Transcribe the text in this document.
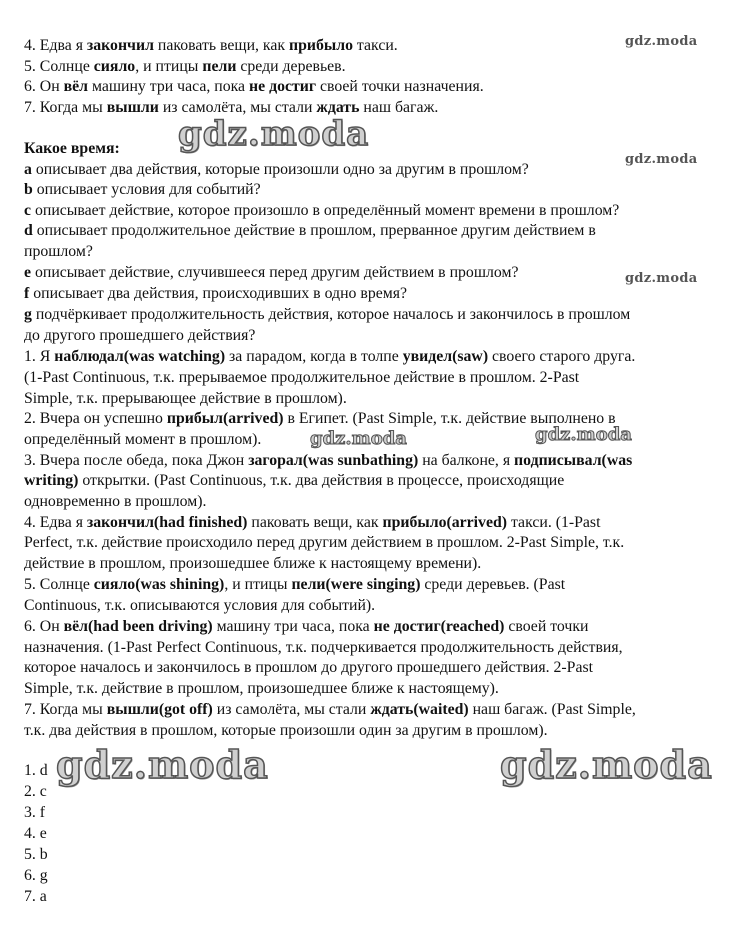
4. Едва я закончил паковать вещи, как прибыло такси.
5. Солнце сияло, и птицы пели среди деревьев.
6. Он вёл машину три часа, пока не достиг своей точки назначения.
7. Когда мы вышли из самолёта, мы стали ждать наш багаж.
Какое время:
a описывает два действия, которые произошли одно за другим в прошлом?
b описывает условия для событий?
c описывает действие, которое произошло в определённый момент времени в прошлом?
d описывает продолжительное действие в прошлом, прерванное другим действием в
прошлом?
e описывает действие, случившееся перед другим действием в прошлом?
f описывает два действия, происходивших в одно время?
g подчёркивает продолжительность действия, которое началось и закончилось в прошлом
до другого прошедшего действия?
1. Я наблюдал(was watching) за парадом, когда в толпе увидел(saw) своего старого друга.
(1-Past Continuous, т.к. прерываемое продолжительное действие в прошлом. 2-Past
Simple, т.к. прерывающее действие в прошлом).
2. Вчера он успешно прибыл(arrived) в Египет. (Past Simple, т.к. действие выполнено в
определённый момент в прошлом).
3. Вчера после обеда, пока Джон загорал(was sunbathing) на балконе, я подписывал(was
writing) открытки. (Past Continuous, т.к. два действия в процессе, происходящие
одновременно в прошлом).
4. Едва я закончил(had finished) паковать вещи, как прибыло(arrived) такси. (1-Past
Perfect, т.к. действие происходило перед другим действием в прошлом. 2-Past Simple, т.к.
действие в прошлом, произошедшее ближе к настоящему времени).
5. Солнце сияло(was shining), и птицы пели(were singing) среди деревьев. (Past
Continuous, т.к. описываются условия для событий).
6. Он вёл(had been driving) машину три часа, пока не достиг(reached) своей точки
назначения. (1-Past Perfect Continuous, т.к. подчеркивается продолжительность действия,
которое началось и закончилось в прошлом до другого прошедшего действия. 2-Past
Simple, т.к. действие в прошлом, произошедшее ближе к настоящему).
7. Когда мы вышли(got off) из самолёта, мы стали ждать(waited) наш багаж. (Past Simple,
т.к. два действия в прошлом, которые произошли один за другим в прошлом).
1. d
2. c
3. f
4. e
5. b
6. g
7. a
gdz.moda
gdz.moda
gdz.moda
gdz.moda
gdz.moda	gdz.moda
gdz.moda	gdz.moda
